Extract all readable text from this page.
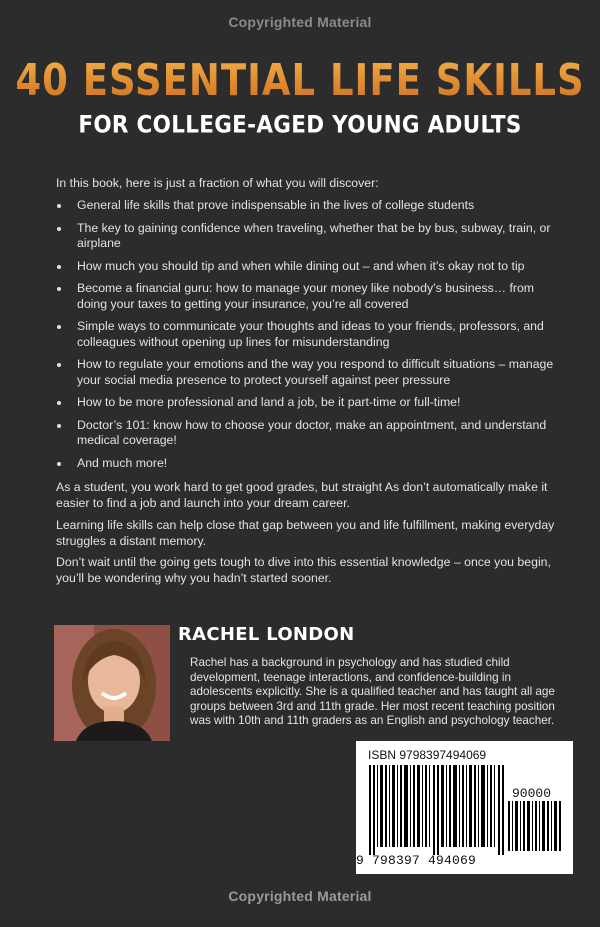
Copyrighted Material
40 ESSENTIAL LIFE SKILLS
FOR COLLEGE-AGED YOUNG ADULTS
In this book, here is just a fraction of what you will discover:
General life skills that prove indispensable in the lives of college students
The key to gaining confidence when traveling, whether that be by bus, subway, train, or airplane
How much you should tip and when while dining out – and when it’s okay not to tip
Become a financial guru: how to manage your money like nobody’s business… from doing your taxes to getting your insurance, you’re all covered
Simple ways to communicate your thoughts and ideas to your friends, professors, and colleagues without opening up lines for misunderstanding
How to regulate your emotions and the way you respond to difficult situations – manage your social media presence to protect yourself against peer pressure
How to be more professional and land a job, be it part-time or full-time!
Doctor’s 101: know how to choose your doctor, make an appointment, and understand medical coverage!
And much more!
As a student, you work hard to get good grades, but straight As don’t automatically make it easier to find a job and launch into your dream career.
Learning life skills can help close that gap between you and life fulfillment, making everyday struggles a distant memory.
Don’t wait until the going gets tough to dive into this essential knowledge – once you begin, you’ll be wondering why you hadn’t started sooner.
RACHEL LONDON
Rachel has a background in psychology and has studied child development, teenage interactions, and confidence-building in adolescents explicitly. She is a qualified teacher and has taught all age groups between 3rd and 11th grade. Her most recent teaching position was with 10th and 11th graders as an English and psychology teacher.
ISBN 9798397494069
90000
9 798397 494069
Copyrighted Material
